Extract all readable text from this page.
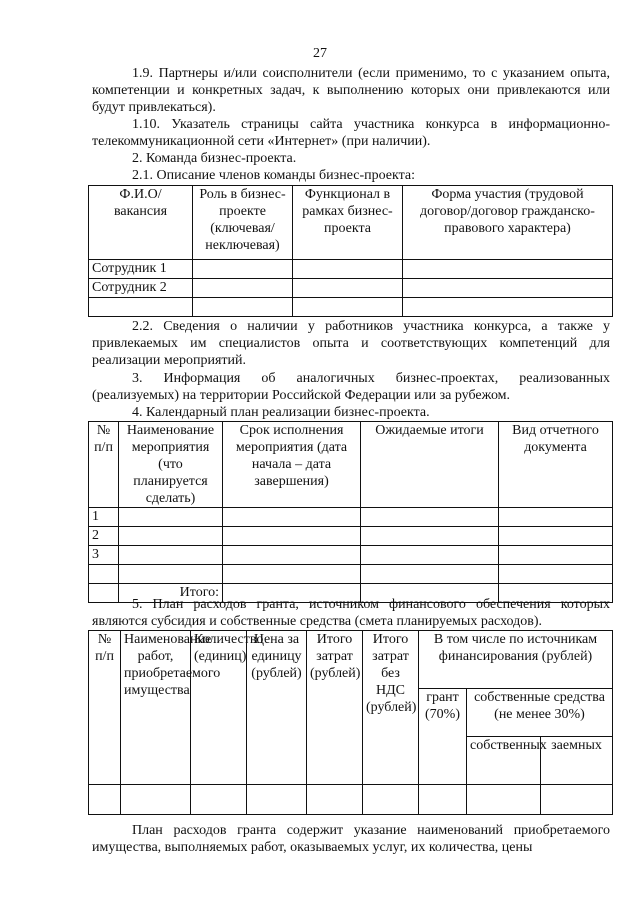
27
1.9. Партнеры и/или соисполнители (если применимо, то с указанием опыта, компетенции и конкретных задач, к выполнению которых они привлекаются или будут привлекаться).
1.10. Указатель страницы сайта участника конкурса в информационно-телекоммуникационной сети «Интернет» (при наличии).
2. Команда бизнес-проекта.
2.1. Описание членов команды бизнес-проекта:
Ф.И.О/ вакансия	Роль в бизнес-проекте (ключевая/ неключевая)	Функционал в рамках бизнес-проекта	Форма участия (трудовой договор/договор гражданско-правового характера)
Сотрудник 1			
Сотрудник 2			

2.2. Сведения о наличии у работников участника конкурса, а также у привлекаемых им специалистов опыта и соответствующих компетенций для реализации мероприятий.
3. Информация об аналогичных бизнес-проектах, реализованных (реализуемых) на территории Российской Федерации или за рубежом.
4. Календарный план реализации бизнес-проекта.
№ п/п	Наименование мероприятия (что планируется сделать)	Срок исполнения мероприятия (дата начала – дата завершения)	Ожидаемые итоги	Вид отчетного документа
1				
2				
3				

	Итого:			
5. План расходов гранта, источником финансового обеспечения которых являются субсидия и собственные средства (смета планируемых расходов).
№ п/п	Наименование работ, приобретаемого имущества	Количество (единиц)	Цена за единицу (рублей)	Итого затрат (рублей)	Итого затрат без НДС (рублей)	В том числе по источникам финансирования (рублей)		
						грант (70%)	собственные средства (не менее 30%)	
							собственных	заемных

План расходов гранта содержит указание наименований приобретаемого имущества, выполняемых работ, оказываемых услуг, их количества, цены
